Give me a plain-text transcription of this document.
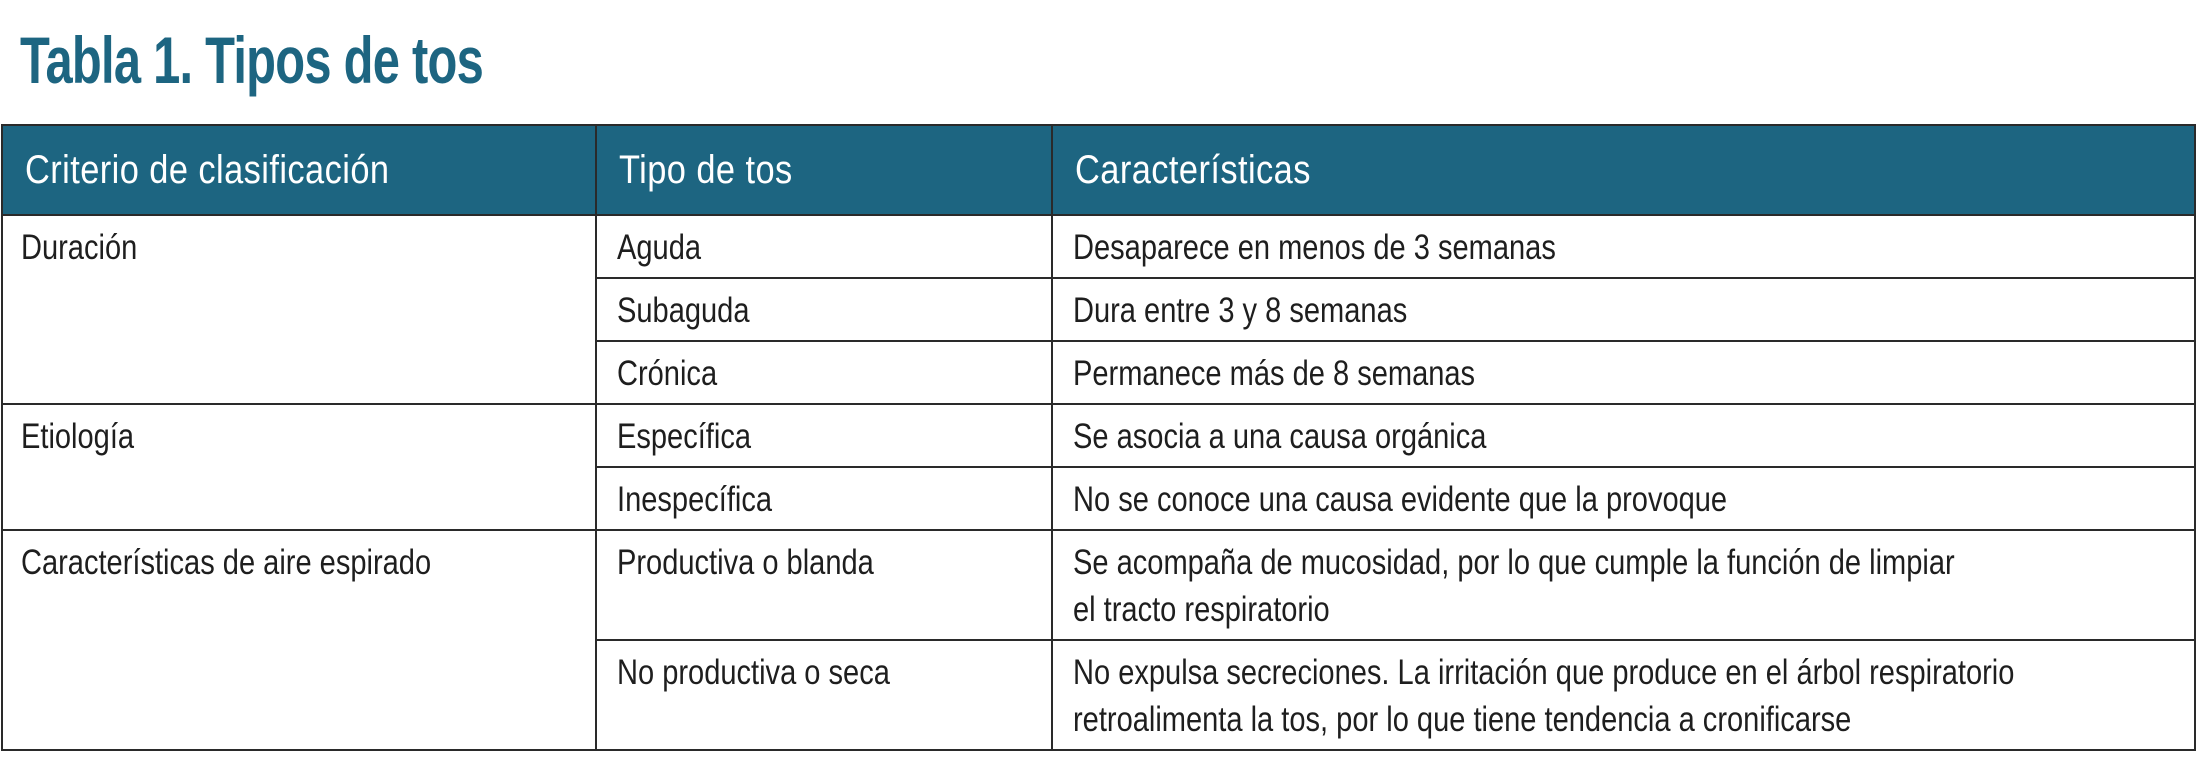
Tabla 1. Tipos de tos
Criterio de clasificación	Tipo de tos	Características
Duración	Aguda	Desaparece en menos de 3 semanas
	Subaguda	Dura entre 3 y 8 semanas
	Crónica	Permanece más de 8 semanas
Etiología	Específica	Se asocia a una causa orgánica
	Inespecífica	No se conoce una causa evidente que la provoque
Características de aire espirado	Productiva o blanda	Se acompaña de mucosidad, por lo que cumple la función de limpiar
el tracto respiratorio
	No productiva o seca	No expulsa secreciones. La irritación que produce en el árbol respiratorio
retroalimenta la tos, por lo que tiene tendencia a cronificarse
